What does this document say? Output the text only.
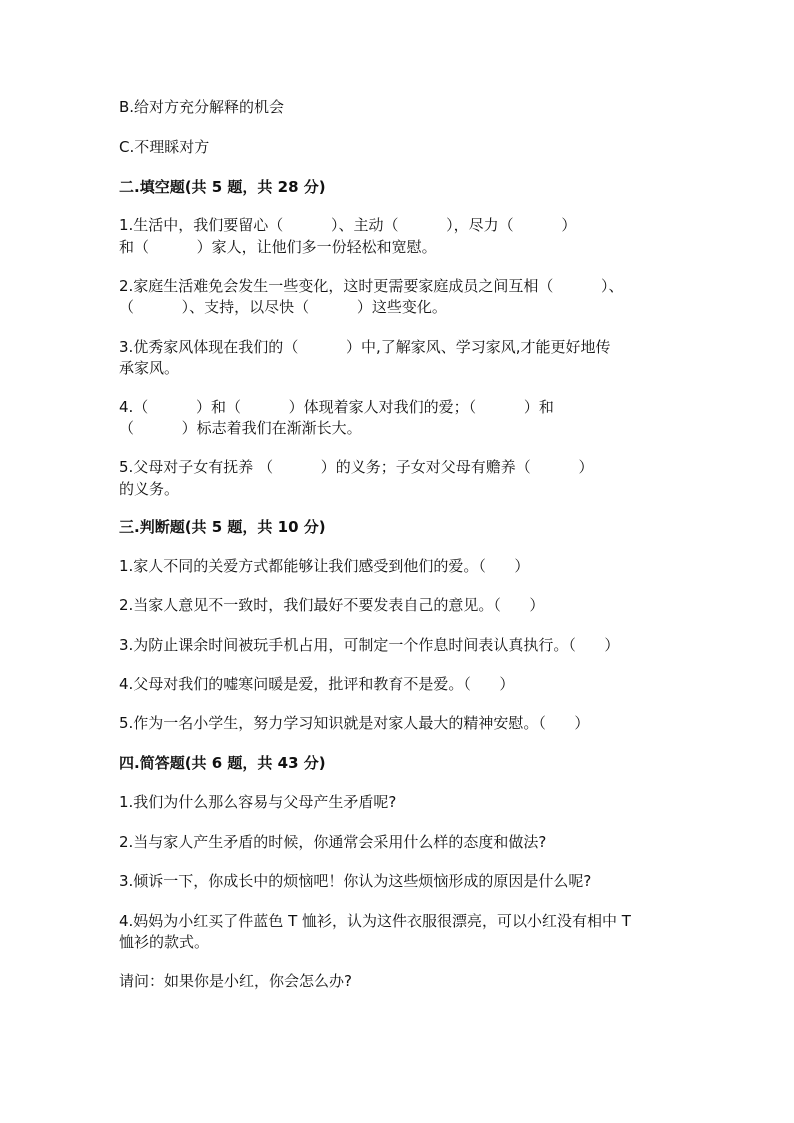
B.给对方充分解释的机会
C.不理睬对方
二.填空题(共 5 题，共 28 分)
1.生活中，我们要留心（          ）、主动（          ），尽力（          ）
和（          ）家人，让他们多一份轻松和宽慰。
2.家庭生活难免会发生一些变化，这时更需要家庭成员之间互相（          ）、
（          ）、支持，以尽快（          ）这些变化。
3.优秀家风体现在我们的（          ）中,了解家风、学习家风,才能更好地传
承家风。
4.（          ）和（          ）体现着家人对我们的爱；（          ）和
（          ）标志着我们在渐渐长大。
5.父母对子女有抚养 （          ）的义务；子女对父母有赡养（          ）
的义务。
三.判断题(共 5 题，共 10 分)
1.家人不同的关爱方式都能够让我们感受到他们的爱。（      ）
2.当家人意见不一致时，我们最好不要发表自己的意见。（      ）
3.为防止课余时间被玩手机占用，可制定一个作息时间表认真执行。（      ）
4.父母对我们的嘘寒问暖是爱，批评和教育不是爱。（      ）
5.作为一名小学生，努力学习知识就是对家人最大的精神安慰。（      ）
四.简答题(共 6 题，共 43 分)
1.我们为什么那么容易与父母产生矛盾呢?
2.当与家人产生矛盾的时候，你通常会采用什么样的态度和做法?
3.倾诉一下，你成长中的烦恼吧！你认为这些烦恼形成的原因是什么呢?
4.妈妈为小红买了件蓝色 T 恤衫，认为这件衣服很漂亮，可以小红没有相中 T
恤衫的款式。
请问：如果你是小红，你会怎么办?
